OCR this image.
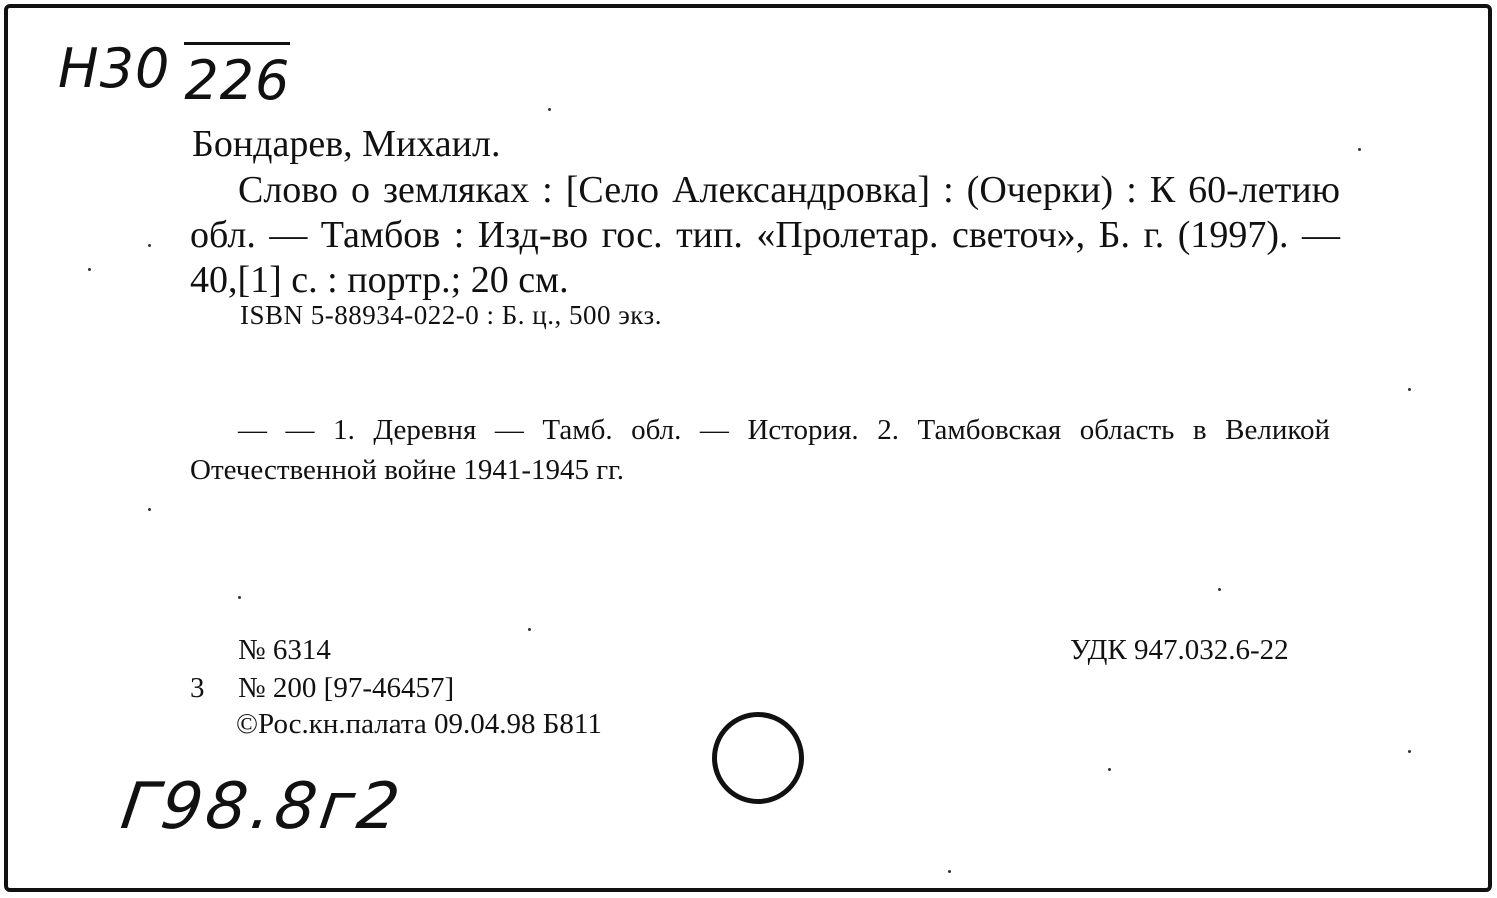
Н30 226
Бондарев, Михаил.
Слово о земляках : [Село Александровка] : (Очерки) : К 60-летию обл. — Тамбов : Изд-во гос. тип. «Пролетар. светоч», Б. г. (1997). — 40,[1] с. : портр.; 20 см.
ISBN 5-88934-022-0 : Б. ц., 500 экз.
— — 1. Деревня — Тамб. обл. — История. 2. Тамбовская область в Великой Отечественной войне 1941-1945 гг.
№ 6314
3 № 200 [97-46457]
©Рос.кн.палата 09.04.98 Б811
УДК 947.032.6-22
Г98.8г2
